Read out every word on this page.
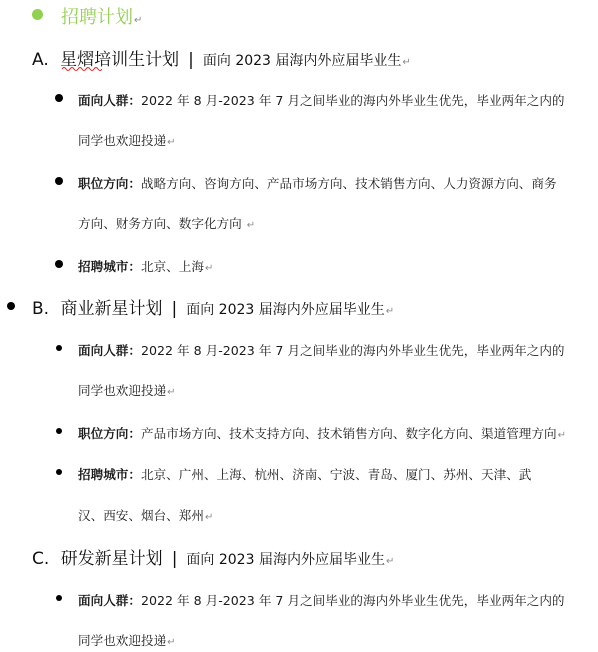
招聘计划↵
A. 星熠培训生计划 | 面向 2023 届海内外应届毕业生↵
面向人群：2022 年 8 月-2023 年 7 月之间毕业的海内外毕业生优先，毕业两年之内的
同学也欢迎投递↵
职位方向：战略方向、咨询方向、产品市场方向、技术销售方向、人力资源方向、商务
方向、财务方向、数字化方向 ↵
招聘城市：北京、上海↵
B. 商业新星计划 | 面向 2023 届海内外应届毕业生↵
面向人群：2022 年 8 月-2023 年 7 月之间毕业的海内外毕业生优先，毕业两年之内的
同学也欢迎投递↵
职位方向：产品市场方向、技术支持方向、技术销售方向、数字化方向、渠道管理方向↵
招聘城市：北京、广州、上海、杭州、济南、宁波、青岛、厦门、苏州、天津、武
汉、西安、烟台、郑州↵
C. 研发新星计划 | 面向 2023 届海内外应届毕业生↵
面向人群：2022 年 8 月-2023 年 7 月之间毕业的海内外毕业生优先，毕业两年之内的
同学也欢迎投递↵
